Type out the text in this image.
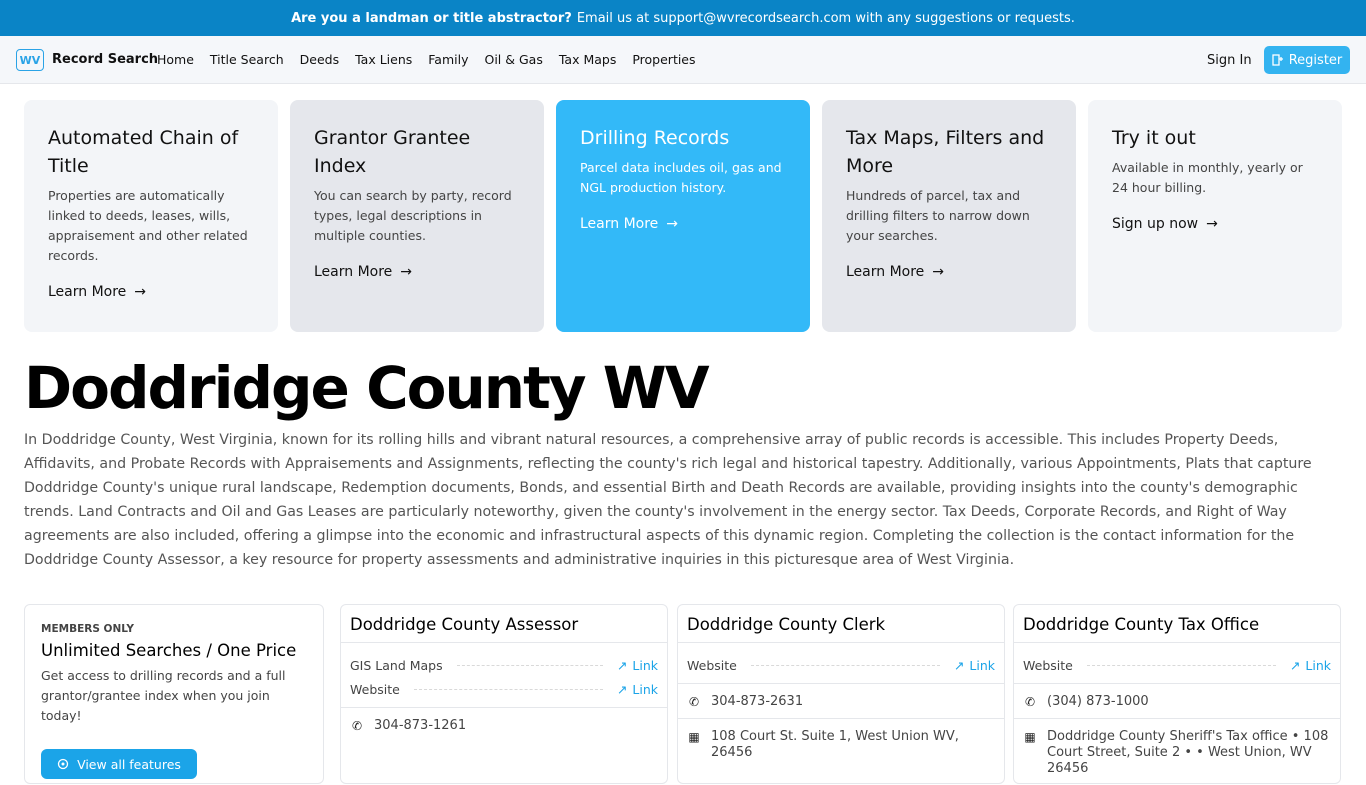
Are you a landman or title abstractor? Email us at support@wvrecordsearch.com with any suggestions or requests.
WV Record Search
Home Title Search Deeds Tax Liens Family Oil & Gas Tax Maps Properties	Sign In	Register
Automated Chain of Title

Properties are automatically linked to deeds, leases, wills, appraisement and other related records.

Learn More →
Grantor Grantee Index

You can search by party, record types, legal descriptions in multiple counties.

Learn More →
Drilling Records

Parcel data includes oil, gas and NGL production history.

Learn More →
Tax Maps, Filters and More

Hundreds of parcel, tax and drilling filters to narrow down your searches.

Learn More →
Try it out

Available in monthly, yearly or 24 hour billing.

Sign up now →
Doddridge County WV

In Doddridge County, West Virginia, known for its rolling hills and vibrant natural resources, a comprehensive array of public records is accessible. This includes Property Deeds, Affidavits, and Probate Records with Appraisements and Assignments, reflecting the county's rich legal and historical tapestry. Additionally, various Appointments, Plats that capture Doddridge County's unique rural landscape, Redemption documents, Bonds, and essential Birth and Death Records are available, providing insights into the county's demographic trends. Land Contracts and Oil and Gas Leases are particularly noteworthy, given the county's involvement in the energy sector. Tax Deeds, Corporate Records, and Right of Way agreements are also included, offering a glimpse into the economic and infrastructural aspects of this dynamic region. Completing the collection is the contact information for the Doddridge County Assessor, a key resource for property assessments and administrative inquiries in this picturesque area of West Virginia.

MEMBERS ONLY
Unlimited Searches / One Price

Get access to drilling records and a full grantor/grantee index when you join today!

View all features
Doddridge County Assessor
GIS Land Maps	↗ Link
Website	↗ Link
✆ 304-873-1261
Doddridge County Clerk
Website	↗ Link
✆ 304-873-2631
▦ 108 Court St. Suite 1, West Union WV, 26456
Doddridge County Tax Office
Website	↗ Link
✆ (304) 873-1000
▦ Doddridge County Sheriff's Tax office • 108 Court Street, Suite 2 • • West Union, WV 26456
